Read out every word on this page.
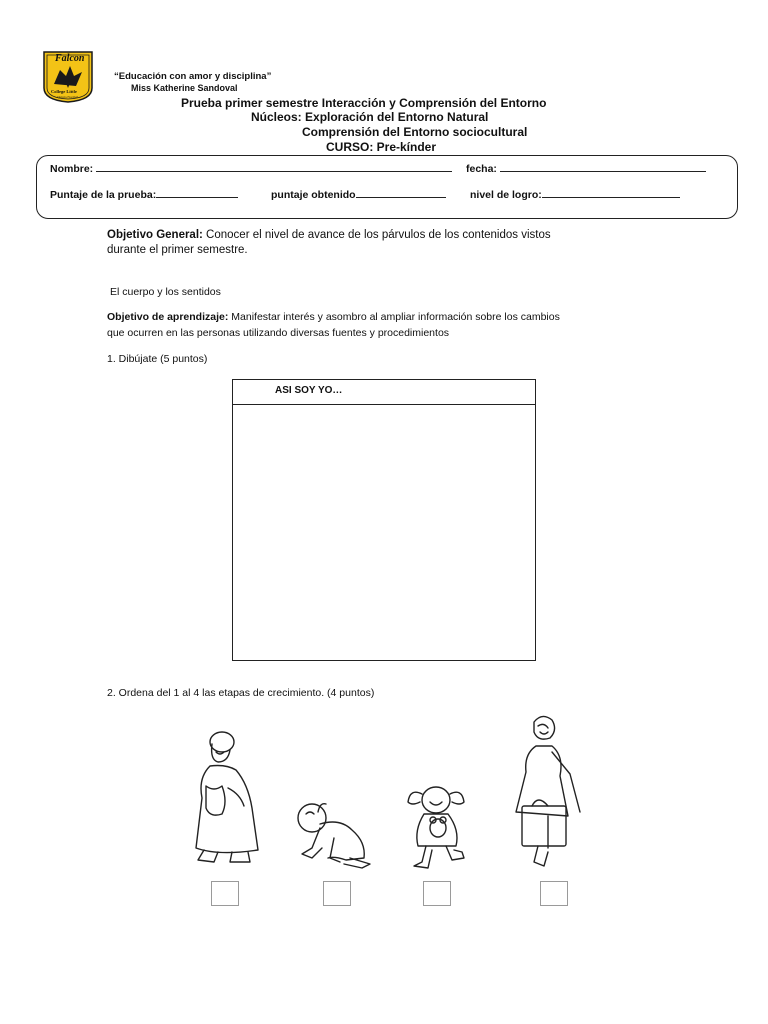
Falcon
College Little
Quinta Normal
“Educación con amor y disciplina”
Miss Katherine Sandoval
Prueba primer semestre Interacción y Comprensión del Entorno
Núcleos: Exploración del Entorno Natural
Comprensión del Entorno sociocultural
CURSO: Pre-kínder
Nombre:	fecha:
Puntaje de la prueba:	puntaje obtenido	nivel de logro:
Objetivo General: Conocer el nivel de avance de los párvulos de los contenidos vistos
durante el primer semestre.
El cuerpo y los sentidos
Objetivo de aprendizaje: Manifestar interés y asombro al ampliar información sobre los cambios
que ocurren en las personas utilizando diversas fuentes y procedimientos
1. Dibújate (5 puntos)
ASI SOY YO…
2. Ordena del 1 al 4 las etapas de crecimiento. (4 puntos)
